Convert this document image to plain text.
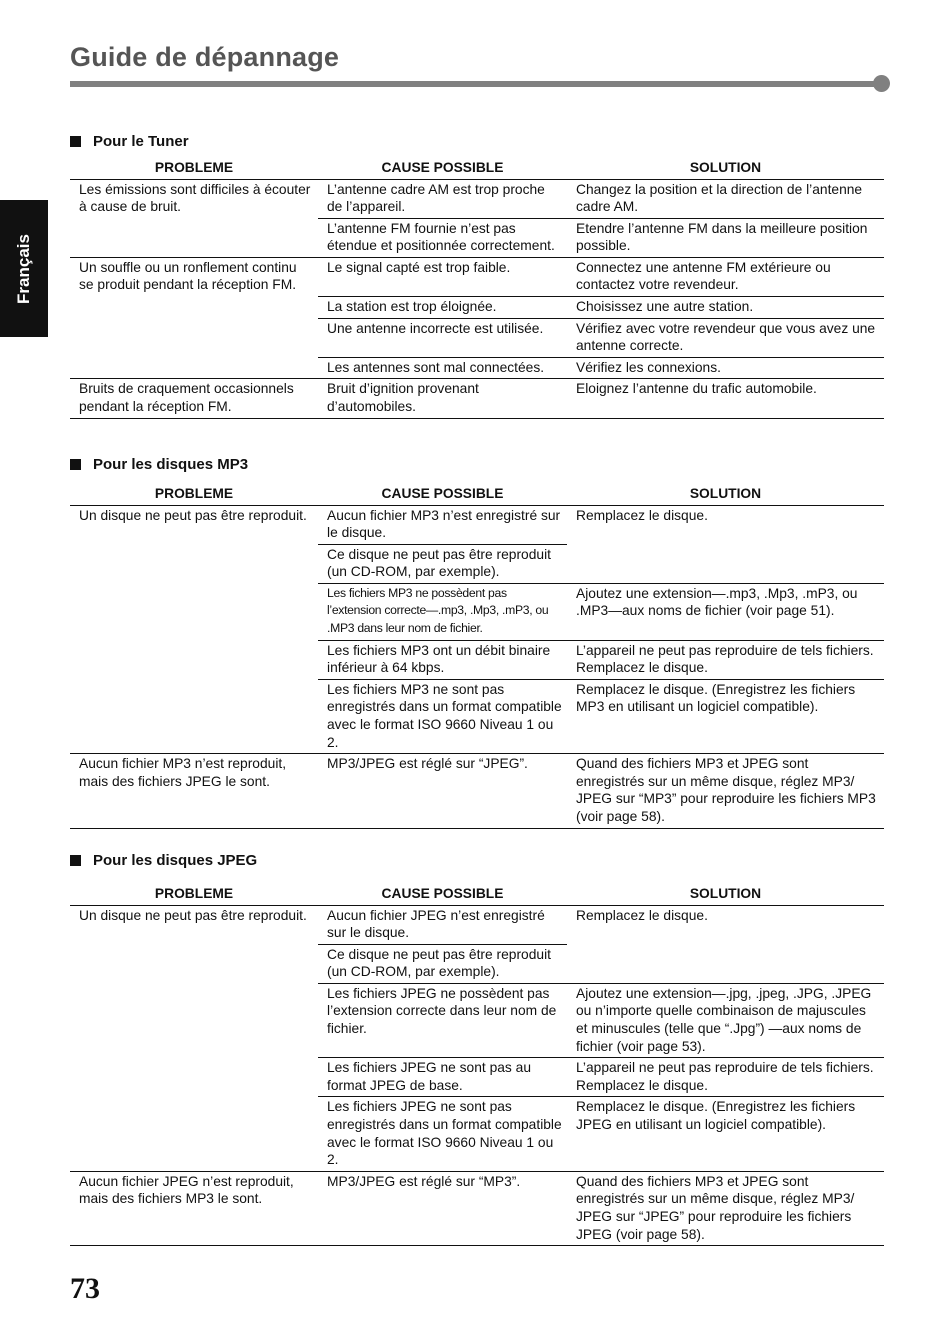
Guide de dépannage
Français
Pour le Tuner
PROBLEME	CAUSE POSSIBLE	SOLUTION
Les émissions sont difficiles à écouter à cause de bruit.	L’antenne cadre AM est trop proche de l’appareil.	Changez la position et la direction de l’antenne cadre AM.
	L’antenne FM fournie n’est pas étendue et positionnée correctement.	Etendre l’antenne FM dans la meilleure position possible.
Un souffle ou un ronflement continu se produit pendant la réception FM.	Le signal capté est trop faible.	Connectez une antenne FM extérieure ou contactez votre revendeur.
	La station est trop éloignée.	Choisissez une autre station.
	Une antenne incorrecte est utilisée.	Vérifiez avec votre revendeur que vous avez une antenne correcte.
	Les antennes sont mal connectées.	Vérifiez les connexions.
Bruits de craquement occasionnels pendant la réception FM.	Bruit d’ignition provenant d’automobiles.	Eloignez l’antenne du trafic automobile.
Pour les disques MP3
PROBLEME	CAUSE POSSIBLE	SOLUTION
Un disque ne peut pas être reproduit.	Aucun fichier MP3 n’est enregistré sur le disque.	Remplacez le disque.
	Ce disque ne peut pas être reproduit (un CD-ROM, par exemple).	
	Les fichiers MP3 ne possèdent pas l’extension correcte—.mp3, .Mp3, .mP3, ou .MP3 dans leur nom de fichier.	Ajoutez une extension—.mp3, .Mp3, .mP3, ou .MP3—aux noms de fichier (voir page 51).
	Les fichiers MP3 ont un débit binaire inférieur à 64 kbps.	L’appareil ne peut pas reproduire de tels fichiers. Remplacez le disque.
	Les fichiers MP3 ne sont pas enregistrés dans un format compatible avec le format ISO 9660 Niveau 1 ou 2.	Remplacez le disque. (Enregistrez les fichiers MP3 en utilisant un logiciel compatible).
Aucun fichier MP3 n’est reproduit, mais des fichiers JPEG le sont.	MP3/JPEG est réglé sur “JPEG”.	Quand des fichiers MP3 et JPEG sont enregistrés sur un même disque, réglez MP3/ JPEG sur “MP3” pour reproduire les fichiers MP3 (voir page 58).
Pour les disques JPEG
PROBLEME	CAUSE POSSIBLE	SOLUTION
Un disque ne peut pas être reproduit.	Aucun fichier JPEG n’est enregistré sur le disque.	Remplacez le disque.
	Ce disque ne peut pas être reproduit (un CD-ROM, par exemple).	
	Les fichiers JPEG ne possèdent pas l’extension correcte dans leur nom de fichier.	Ajoutez une extension—.jpg, .jpeg, .JPG, .JPEG ou n’importe quelle combinaison de majuscules et minuscules (telle que “.Jpg”) —aux noms de fichier (voir page 53).
	Les fichiers JPEG ne sont pas au format JPEG de base.	L’appareil ne peut pas reproduire de tels fichiers. Remplacez le disque.
	Les fichiers JPEG ne sont pas enregistrés dans un format compatible avec le format ISO 9660 Niveau 1 ou 2.	Remplacez le disque. (Enregistrez les fichiers JPEG en utilisant un logiciel compatible).
Aucun fichier JPEG n’est reproduit, mais des fichiers MP3 le sont.	MP3/JPEG est réglé sur “MP3”.	Quand des fichiers MP3 et JPEG sont enregistrés sur un même disque, réglez MP3/ JPEG sur “JPEG” pour reproduire les fichiers JPEG (voir page 58).
73
